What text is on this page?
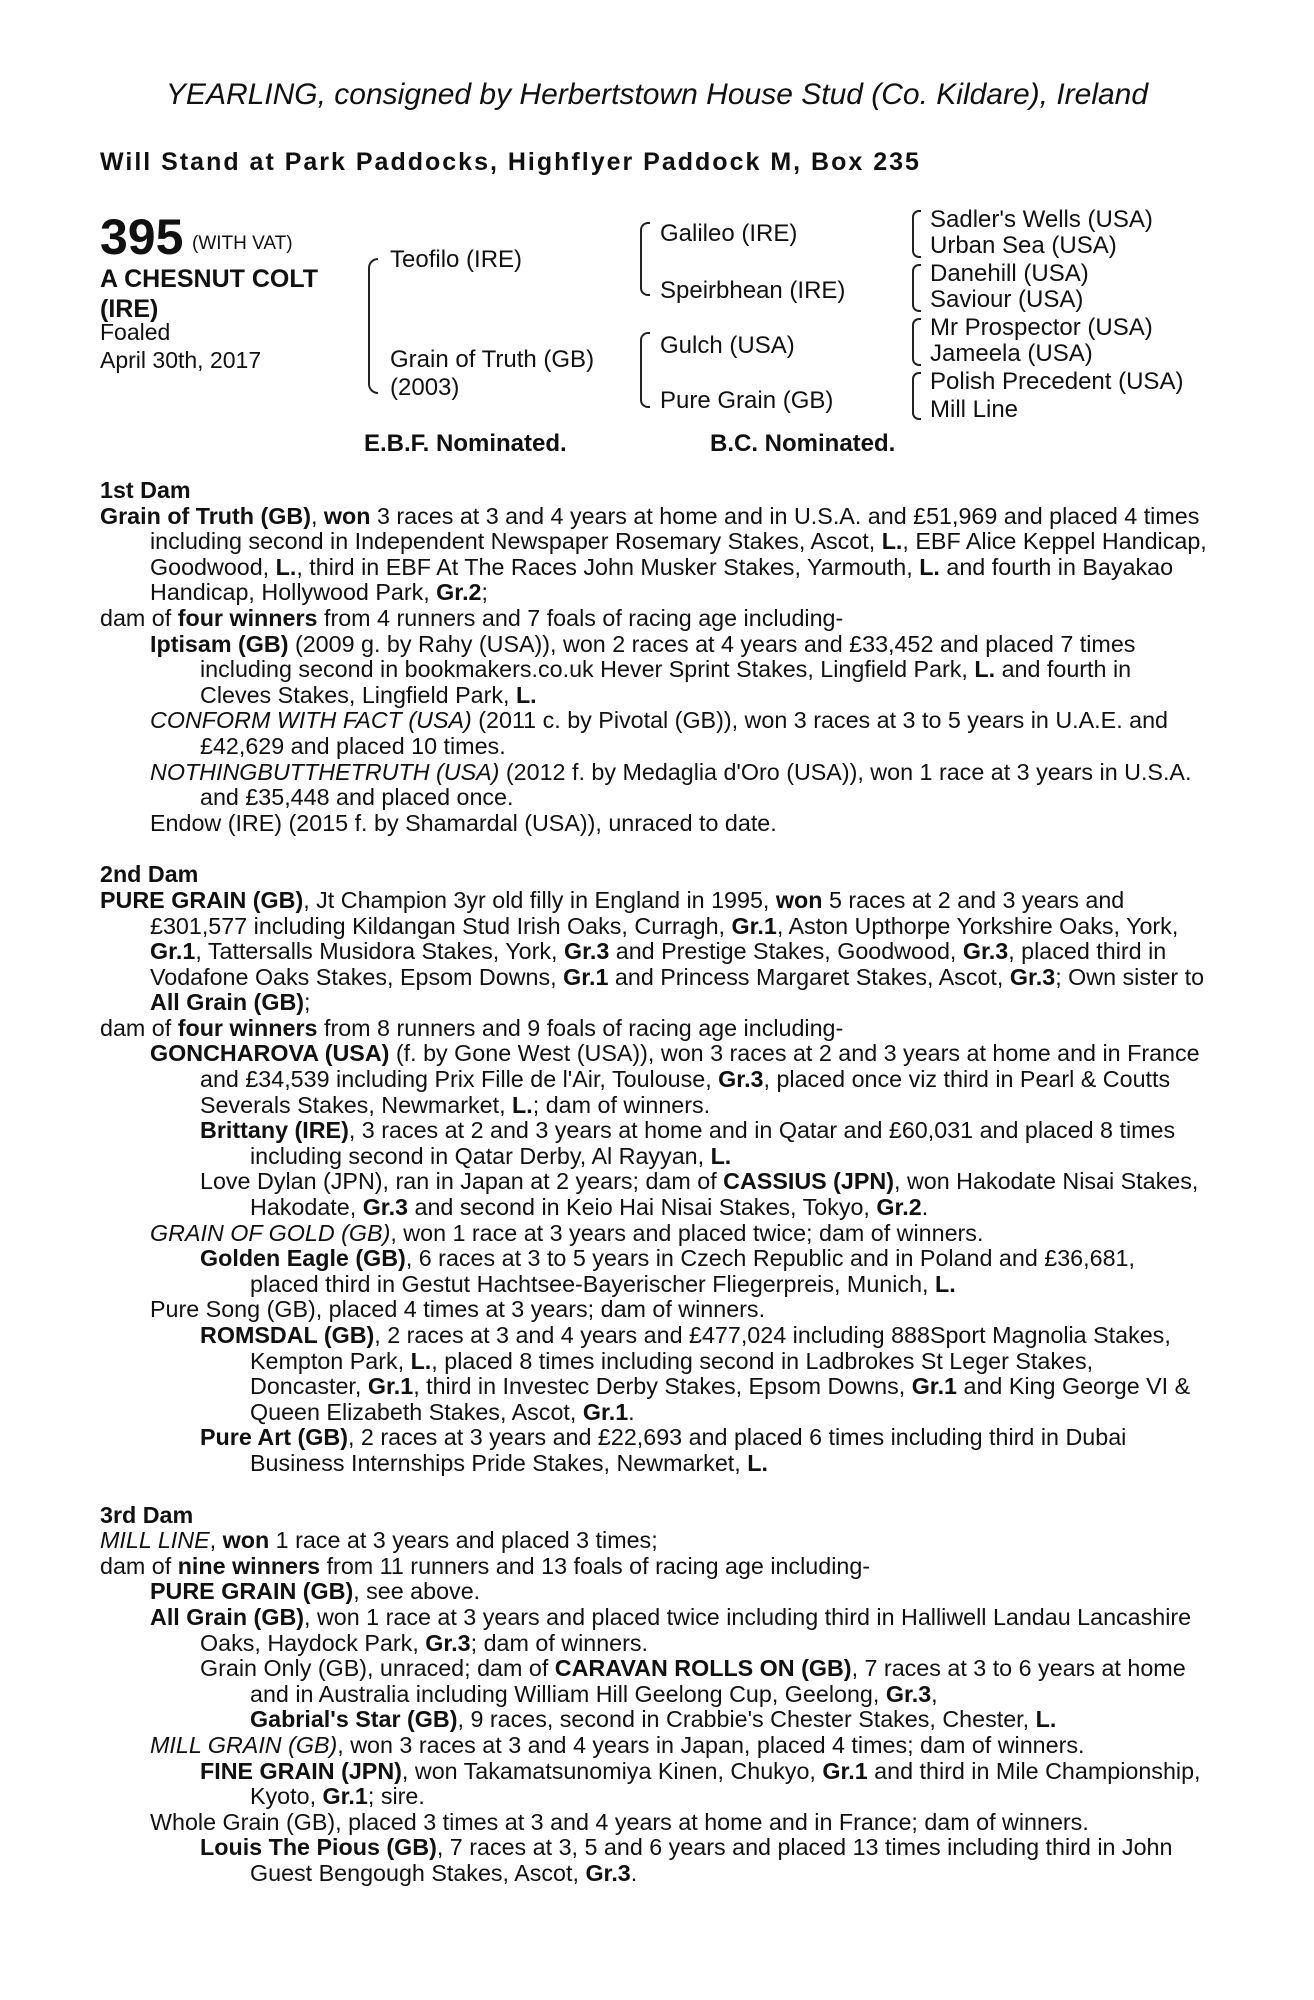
YEARLING, consigned by Herbertstown House Stud (Co. Kildare), Ireland
Will Stand at Park Paddocks, Highflyer Paddock M, Box 235
395 (WITH VAT)
A CHESNUT COLT (IRE)
Foaled
April 30th, 2017
Teofilo (IRE)
Grain of Truth (GB)
(2003)
Galileo (IRE)
Speirbhean (IRE)
Gulch (USA)
Pure Grain (GB)
Sadler's Wells (USA)
Urban Sea (USA)
Danehill (USA)
Saviour (USA)
Mr Prospector (USA)
Jameela (USA)
Polish Precedent (USA)
Mill Line
E.B.F. Nominated.	B.C. Nominated.

1st Dam

Grain of Truth (GB), won 3 races at 3 and 4 years at home and in U.S.A. and £51,969 and placed 4 times including second in Independent Newspaper Rosemary Stakes, Ascot, L., EBF Alice Keppel Handicap, Goodwood, L., third in EBF At The Races John Musker Stakes, Yarmouth, L. and fourth in Bayakao Handicap, Hollywood Park, Gr.2;

dam of four winners from 4 runners and 7 foals of racing age including-

Iptisam (GB) (2009 g. by Rahy (USA)), won 2 races at 4 years and £33,452 and placed 7 times including second in bookmakers.co.uk Hever Sprint Stakes, Lingfield Park, L. and fourth in Cleves Stakes, Lingfield Park, L.

CONFORM WITH FACT (USA) (2011 c. by Pivotal (GB)), won 3 races at 3 to 5 years in U.A.E. and £42,629 and placed 10 times.

NOTHINGBUTTHETRUTH (USA) (2012 f. by Medaglia d'Oro (USA)), won 1 race at 3 years in U.S.A. and £35,448 and placed once.

Endow (IRE) (2015 f. by Shamardal (USA)), unraced to date.

2nd Dam

PURE GRAIN (GB), Jt Champion 3yr old filly in England in 1995, won 5 races at 2 and 3 years and £301,577 including Kildangan Stud Irish Oaks, Curragh, Gr.1, Aston Upthorpe Yorkshire Oaks, York, Gr.1, Tattersalls Musidora Stakes, York, Gr.3 and Prestige Stakes, Goodwood, Gr.3, placed third in Vodafone Oaks Stakes, Epsom Downs, Gr.1 and Princess Margaret Stakes, Ascot, Gr.3; Own sister to All Grain (GB);

dam of four winners from 8 runners and 9 foals of racing age including-

GONCHAROVA (USA) (f. by Gone West (USA)), won 3 races at 2 and 3 years at home and in France and £34,539 including Prix Fille de l'Air, Toulouse, Gr.3, placed once viz third in Pearl & Coutts Severals Stakes, Newmarket, L.; dam of winners.

Brittany (IRE), 3 races at 2 and 3 years at home and in Qatar and £60,031 and placed 8 times including second in Qatar Derby, Al Rayyan, L.

Love Dylan (JPN), ran in Japan at 2 years; dam of CASSIUS (JPN), won Hakodate Nisai Stakes, Hakodate, Gr.3 and second in Keio Hai Nisai Stakes, Tokyo, Gr.2.

GRAIN OF GOLD (GB), won 1 race at 3 years and placed twice; dam of winners.

Golden Eagle (GB), 6 races at 3 to 5 years in Czech Republic and in Poland and £36,681, placed third in Gestut Hachtsee-Bayerischer Fliegerpreis, Munich, L.

Pure Song (GB), placed 4 times at 3 years; dam of winners.

ROMSDAL (GB), 2 races at 3 and 4 years and £477,024 including 888Sport Magnolia Stakes, Kempton Park, L., placed 8 times including second in Ladbrokes St Leger Stakes, Doncaster, Gr.1, third in Investec Derby Stakes, Epsom Downs, Gr.1 and King George VI & Queen Elizabeth Stakes, Ascot, Gr.1.

Pure Art (GB), 2 races at 3 years and £22,693 and placed 6 times including third in Dubai Business Internships Pride Stakes, Newmarket, L.

3rd Dam

MILL LINE, won 1 race at 3 years and placed 3 times;

dam of nine winners from 11 runners and 13 foals of racing age including-

PURE GRAIN (GB), see above.

All Grain (GB), won 1 race at 3 years and placed twice including third in Halliwell Landau Lancashire Oaks, Haydock Park, Gr.3; dam of winners.

Grain Only (GB), unraced; dam of CARAVAN ROLLS ON (GB), 7 races at 3 to 6 years at home and in Australia including William Hill Geelong Cup, Geelong, Gr.3,

Gabrial's Star (GB), 9 races, second in Crabbie's Chester Stakes, Chester, L.

MILL GRAIN (GB), won 3 races at 3 and 4 years in Japan, placed 4 times; dam of winners.

FINE GRAIN (JPN), won Takamatsunomiya Kinen, Chukyo, Gr.1 and third in Mile Championship, Kyoto, Gr.1; sire.

Whole Grain (GB), placed 3 times at 3 and 4 years at home and in France; dam of winners.

Louis The Pious (GB), 7 races at 3, 5 and 6 years and placed 13 times including third in John Guest Bengough Stakes, Ascot, Gr.3.
